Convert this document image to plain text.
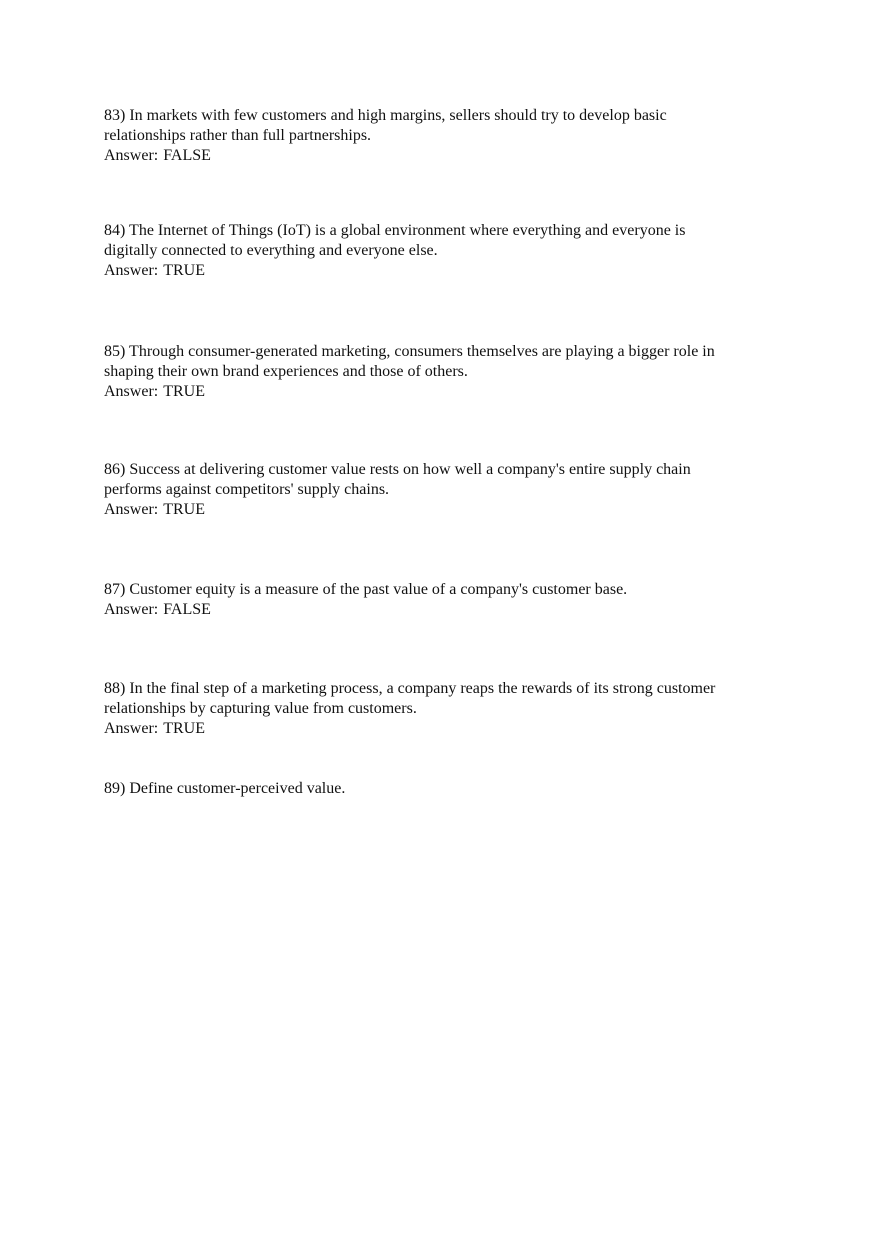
83) In markets with few customers and high margins, sellers should try to develop basic
relationships rather than full partnerships.

Answer: FALSE

84) The Internet of Things (IoT) is a global environment where everything and everyone is
digitally connected to everything and everyone else.

Answer: TRUE

85) Through consumer-generated marketing, consumers themselves are playing a bigger role in
shaping their own brand experiences and those of others.

Answer: TRUE

86) Success at delivering customer value rests on how well a company's entire supply chain
performs against competitors' supply chains.

Answer: TRUE

87) Customer equity is a measure of the past value of a company's customer base.

Answer: FALSE

88) In the final step of a marketing process, a company reaps the rewards of its strong customer
relationships by capturing value from customers.

Answer: TRUE

89) Define customer-perceived value.
